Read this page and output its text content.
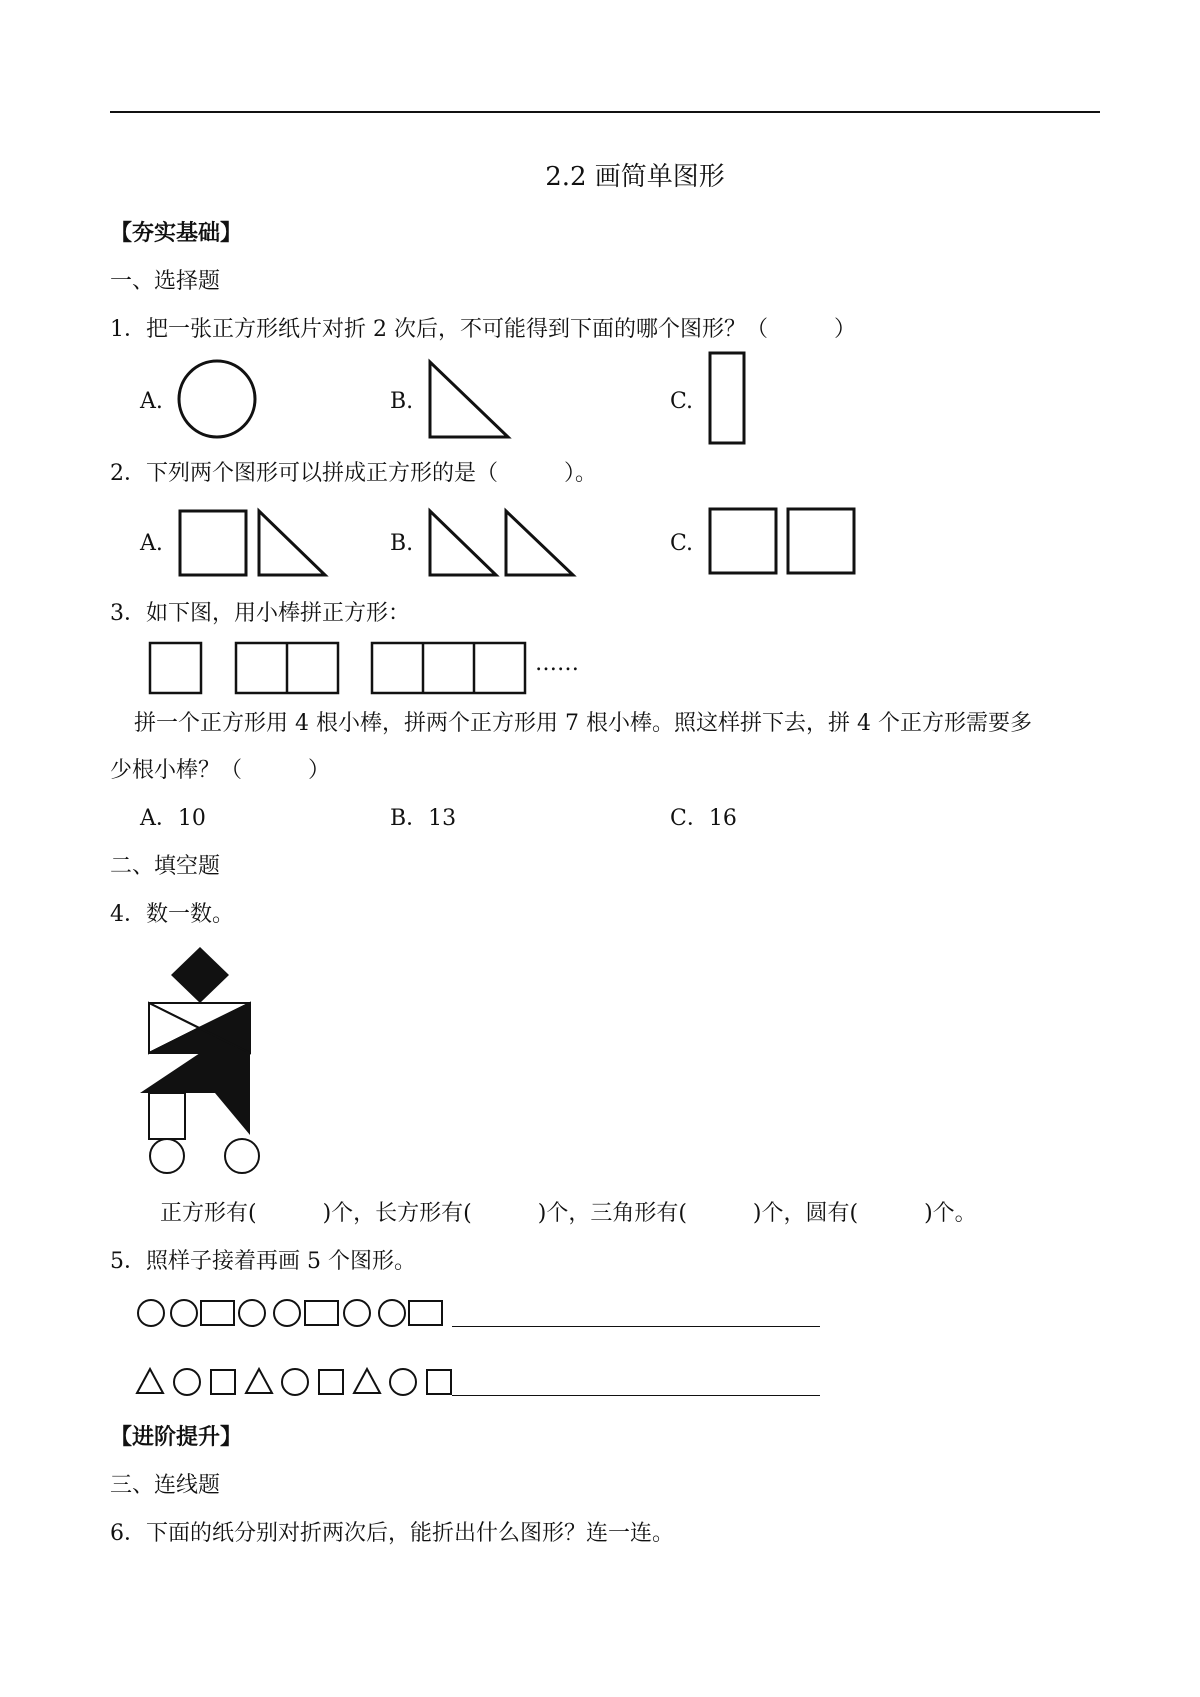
2.2 画简单图形
【夯实基础】
一、选择题
1．把一张正方形纸片对折 2 次后，不可能得到下面的哪个图形？（　　　）
A.	B.	C.
2．下列两个图形可以拼成正方形的是（　　　）。
A.	B.	C.
3．如下图，用小棒拼正方形：
……
拼一个正方形用 4 根小棒，拼两个正方形用 7 根小棒。照这样拼下去，拼 4 个正方形需要多
少根小棒？（　　　）
A．10	B．13	C．16
二、填空题
4．数一数。
正方形有(　　　)个，长方形有(　　　)个，三角形有(　　　)个，圆有(　　　)个。
5．照样子接着再画 5 个图形。
【进阶提升】
三、连线题
6．下面的纸分别对折两次后，能折出什么图形？连一连。
